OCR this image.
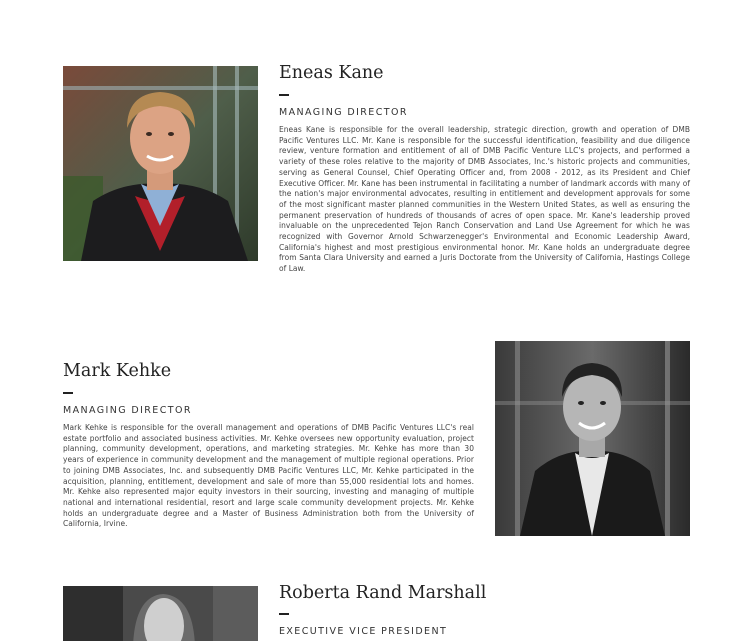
Eneas Kane
MANAGING DIRECTOR

Eneas Kane is responsible for the overall leadership, strategic direction, growth and operation of DMB Pacific Ventures LLC. Mr. Kane is responsible for the successful identification, feasibility and due diligence review, venture formation and entitlement of all of DMB Pacific Venture LLC's projects, and performed a variety of these roles relative to the majority of DMB Associates, Inc.'s historic projects and communities, serving as General Counsel, Chief Operating Officer and, from 2008 - 2012, as its President and Chief Executive Officer. Mr. Kane has been instrumental in facilitating a number of landmark accords with many of the nation's major environmental advocates, resulting in entitlement and development approvals for some of the most significant master planned communities in the Western United States, as well as ensuring the permanent preservation of hundreds of thousands of acres of open space. Mr. Kane's leadership proved invaluable on the unprecedented Tejon Ranch Conservation and Land Use Agreement for which he was recognized with Governor Arnold Schwarzenegger's Environmental and Economic Leadership Award, California's highest and most prestigious environmental honor. Mr. Kane holds an undergraduate degree from Santa Clara University and earned a Juris Doctorate from the University of California, Hastings College of Law.

Mark Kehke
MANAGING DIRECTOR

Mark Kehke is responsible for the overall management and operations of DMB Pacific Ventures LLC's real estate portfolio and associated business activities. Mr. Kehke oversees new opportunity evaluation, project planning, community development, operations, and marketing strategies. Mr. Kehke has more than 30 years of experience in community development and the management of multiple regional operations. Prior to joining DMB Associates, Inc. and subsequently DMB Pacific Ventures LLC, Mr. Kehke participated in the acquisition, planning, entitlement, development and sale of more than 55,000 residential lots and homes. Mr. Kehke also represented major equity investors in their sourcing, investing and managing of multiple national and international residential, resort and large scale community development projects. Mr. Kehke holds an undergraduate degree and a Master of Business Administration both from the University of California, Irvine.

Roberta Rand Marshall
EXECUTIVE VICE PRESIDENT
